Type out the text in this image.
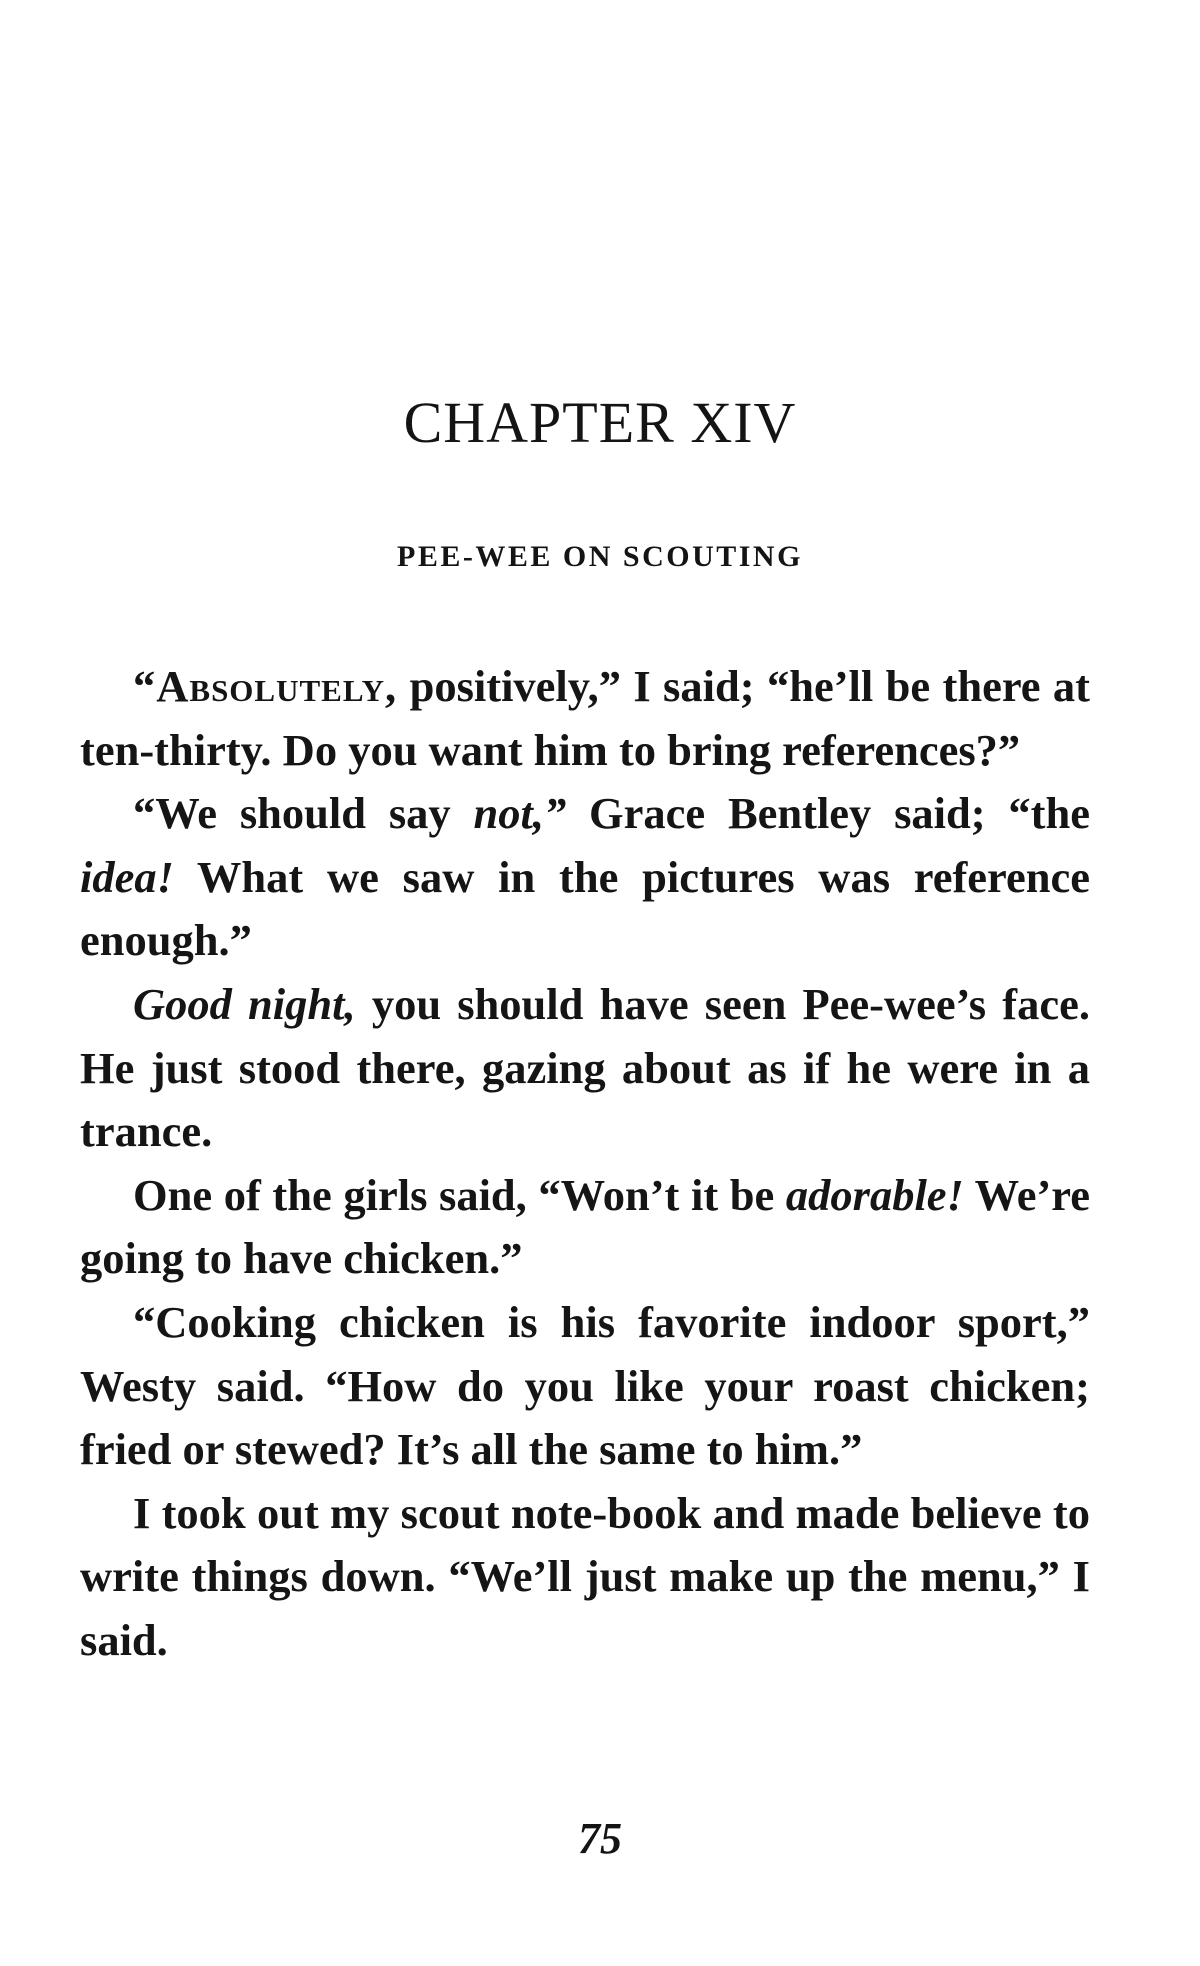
CHAPTER XIV
PEE-WEE ON SCOUTING

“Absolutely, positively,” I said; “he’ll be there at ten-thirty. Do you want him to bring references?”

“We should say not,” Grace Bentley said; “the idea! What we saw in the pictures was reference enough.”

Good night, you should have seen Pee-wee’s face. He just stood there, gazing about as if he were in a trance.

One of the girls said, “Won’t it be adorable! We’re going to have chicken.”

“Cooking chicken is his favorite indoor sport,” Westy said. “How do you like your roast chicken; fried or stewed? It’s all the same to him.”

I took out my scout note-book and made believe to write things down. “We’ll just make up the menu,” I said.

75
